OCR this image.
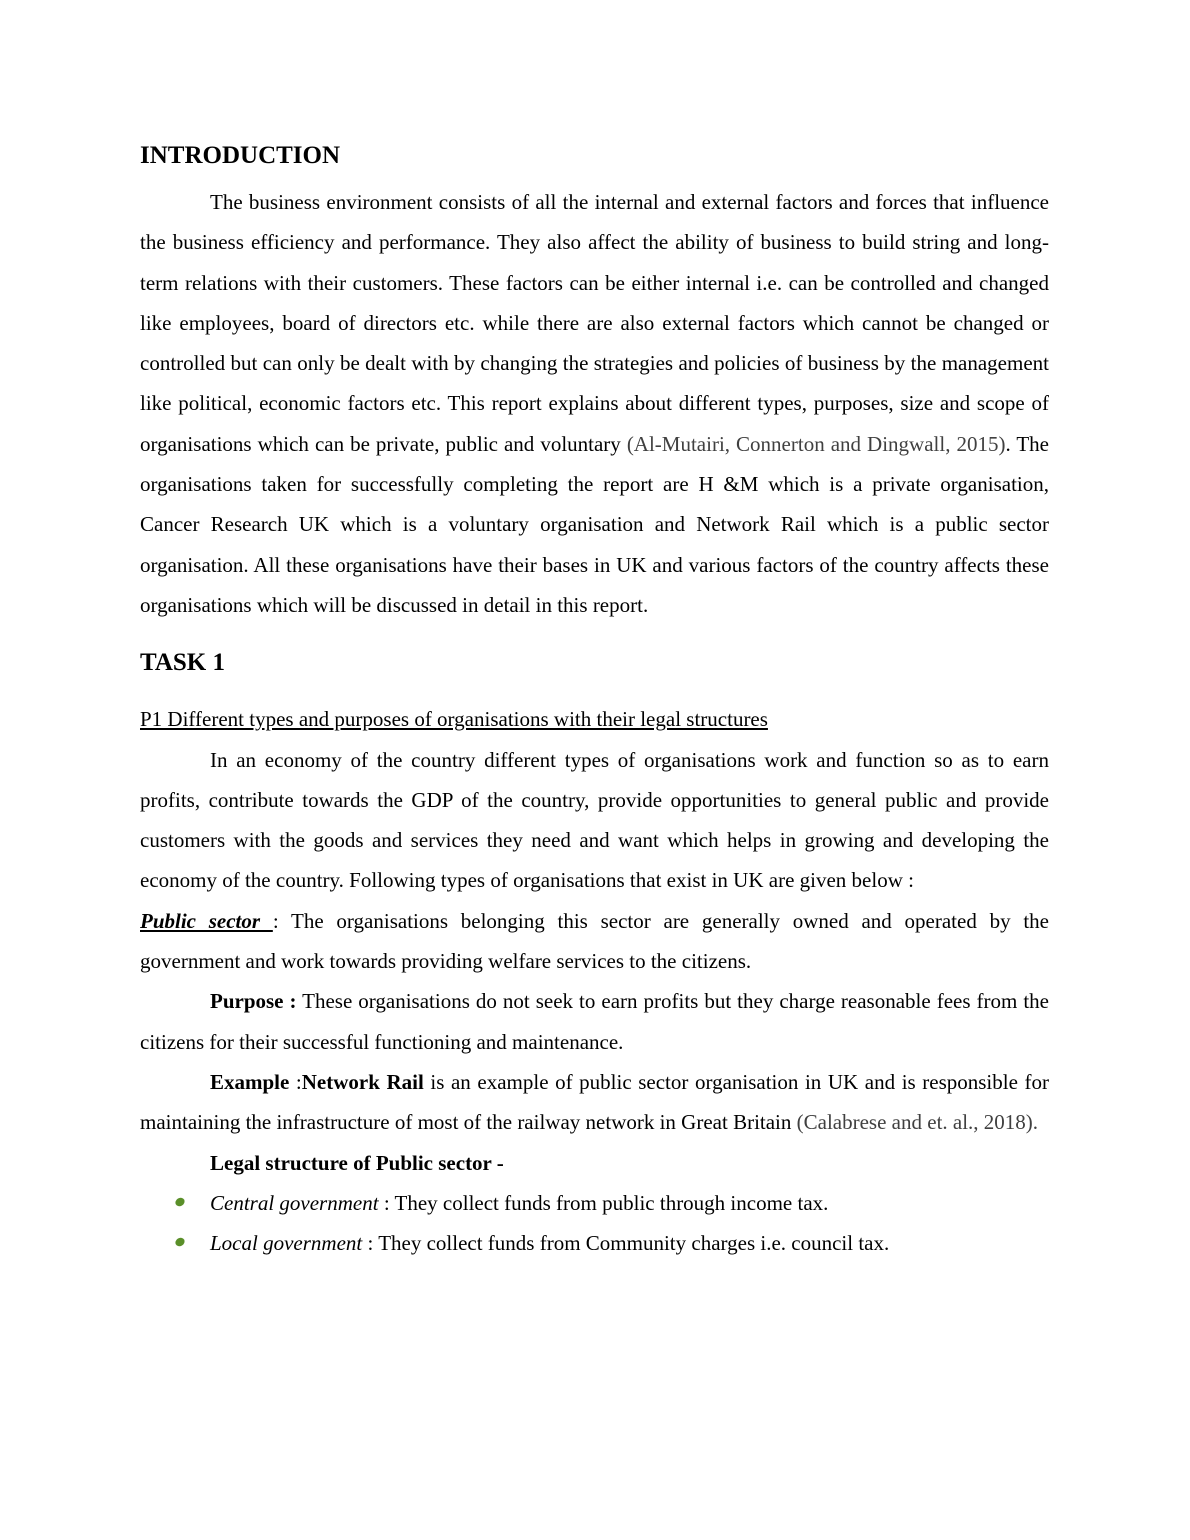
INTRODUCTION

The business environment consists of all the internal and external factors and forces that influence the business efficiency and performance. They also affect the ability of business to build string and long-term relations with their customers. These factors can be either internal i.e. can be controlled and changed like employees, board of directors etc. while there are also external factors which cannot be changed or controlled but can only be dealt with by changing the strategies and policies of business by the management like political, economic factors etc. This report explains about different types, purposes, size and scope of organisations which can be private, public and voluntary (Al-Mutairi, Connerton and Dingwall, 2015). The organisations taken for successfully completing the report are H &M which is a private organisation, Cancer Research UK which is a voluntary organisation and Network Rail which is a public sector organisation. All these organisations have their bases in UK and various factors of the country affects these organisations which will be discussed in detail in this report.

TASK 1

P1 Different types and purposes of organisations with their legal structures

In an economy of the country different types of organisations work and function so as to earn profits, contribute towards the GDP of the country, provide opportunities to general public and provide customers with the goods and services they need and want which helps in growing and developing the economy of the country. Following types of organisations that exist in UK are given below :

Public sector : The organisations belonging this sector are generally owned and operated by the government and work towards providing welfare services to the citizens.

Purpose : These organisations do not seek to earn profits but they charge reasonable fees from the citizens for their successful functioning and maintenance.

Example :Network Rail is an example of public sector organisation in UK and is responsible for maintaining the infrastructure of most of the railway network in Great Britain (Calabrese and et. al., 2018).

Legal structure of Public sector -

Central government : They collect funds from public through income tax.
Local government : They collect funds from Community charges i.e. council tax.
